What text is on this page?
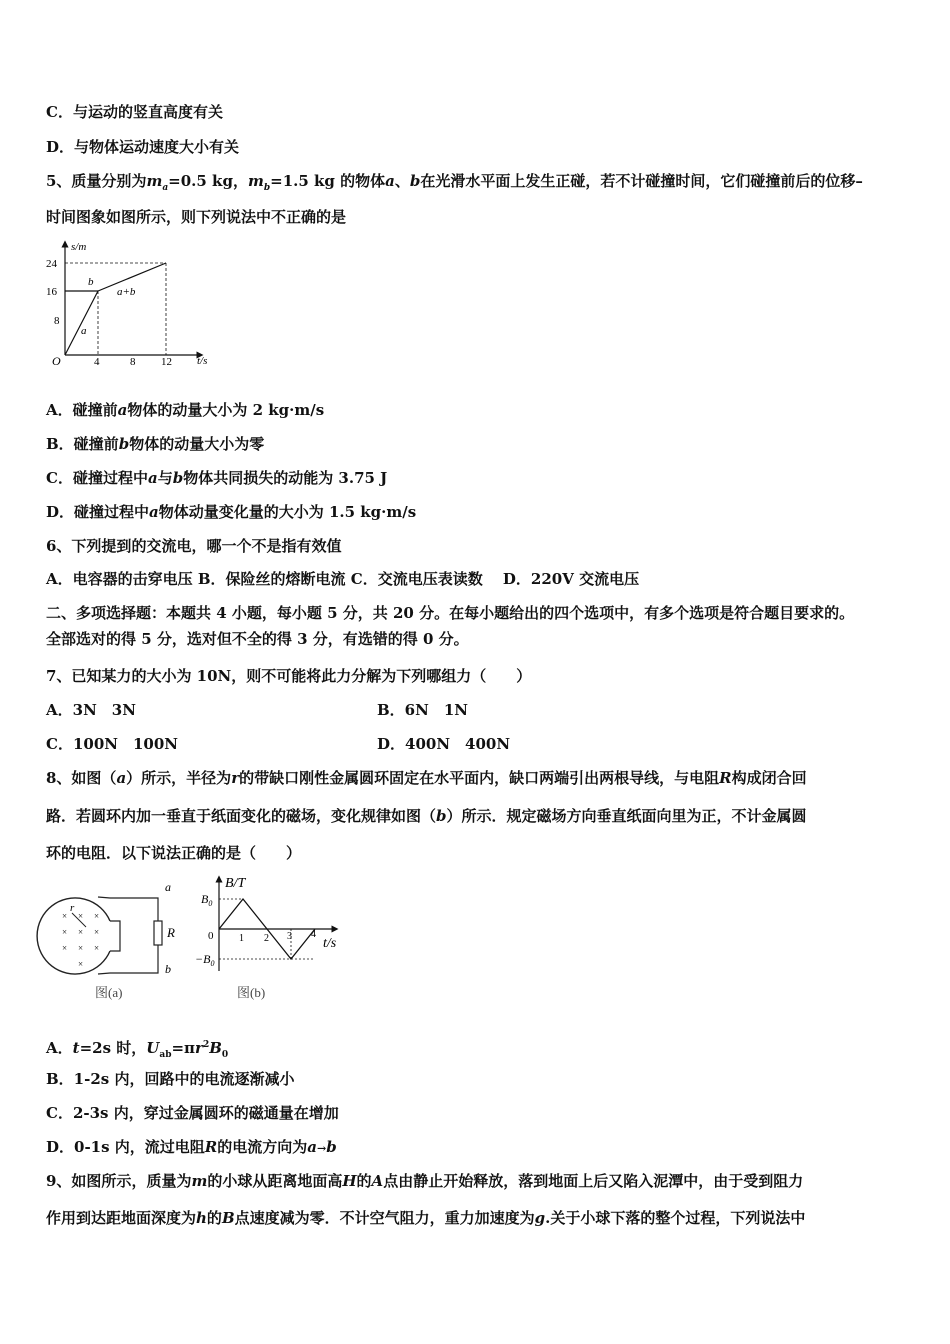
C．与运动的竖直高度有关
D．与物体运动速度大小有关
5、质量分别为$m_a=0.5$ kg，$m_b=1.5$ kg 的物体a、b在光滑水平面上发生正碰，若不计碰撞时间，它们碰撞前后的位移–
时间图象如图所示，则下列说法中不正确的是
s/m
t/s
O
24
16
8
4	8 12
b
a
a+b
A．碰撞前a物体的动量大小为 2 kg·m/s
B．碰撞前b物体的动量大小为零
C．碰撞过程中a与b物体共同损失的动能为 3.75 J
D．碰撞过程中a物体动量变化量的大小为 1.5 kg·m/s
6、下列提到的交流电，哪一个不是指有效值
A．电容器的击穿电压 B．保险丝的熔断电流 C．交流电压表读数　 D．220V 交流电压
二、多项选择题：本题共 4 小题，每小题 5 分，共 20 分。在每小题给出的四个选项中，有多个选项是符合题目要求的。
全部选对的得 5 分，选对但不全的得 3 分，有选错的得 0 分。
7、已知某力的大小为 10N，则不可能将此力分解为下列哪组力（　　）
A．3N　3N	B．6N　1N
C．100N　100N	D．400N　400N
8、如图（a）所示，半径为r的带缺口刚性金属圆环固定在水平面内，缺口两端引出两根导线，与电阻R构成闭合回
路．若圆环内加一垂直于纸面变化的磁场，变化规律如图（b）所示．规定磁场方向垂直纸面向里为正，不计金属圆
环的电阻．以下说法正确的是（　　）
R
a
b
r
× × ×
× × ×
× × ×
×
图(a)
B/T
t/s
$B_0$
$-B_0$
0	1 2 3 4
图(b)
A．t=2s 时，$U_{ab}=\pi r^2B_0$
B．1-2s 内，回路中的电流逐渐减小
C．2-3s 内，穿过金属圆环的磁通量在增加
D．0-1s 内，流过电阻R的电流方向为a→b
9、如图所示，质量为m的小球从距离地面高H的A点由静止开始释放，落到地面上后又陷入泥潭中，由于受到阻力
作用到达距地面深度为h的B点速度减为零．不计空气阻力，重力加速度为g.关于小球下落的整个过程，下列说法中
